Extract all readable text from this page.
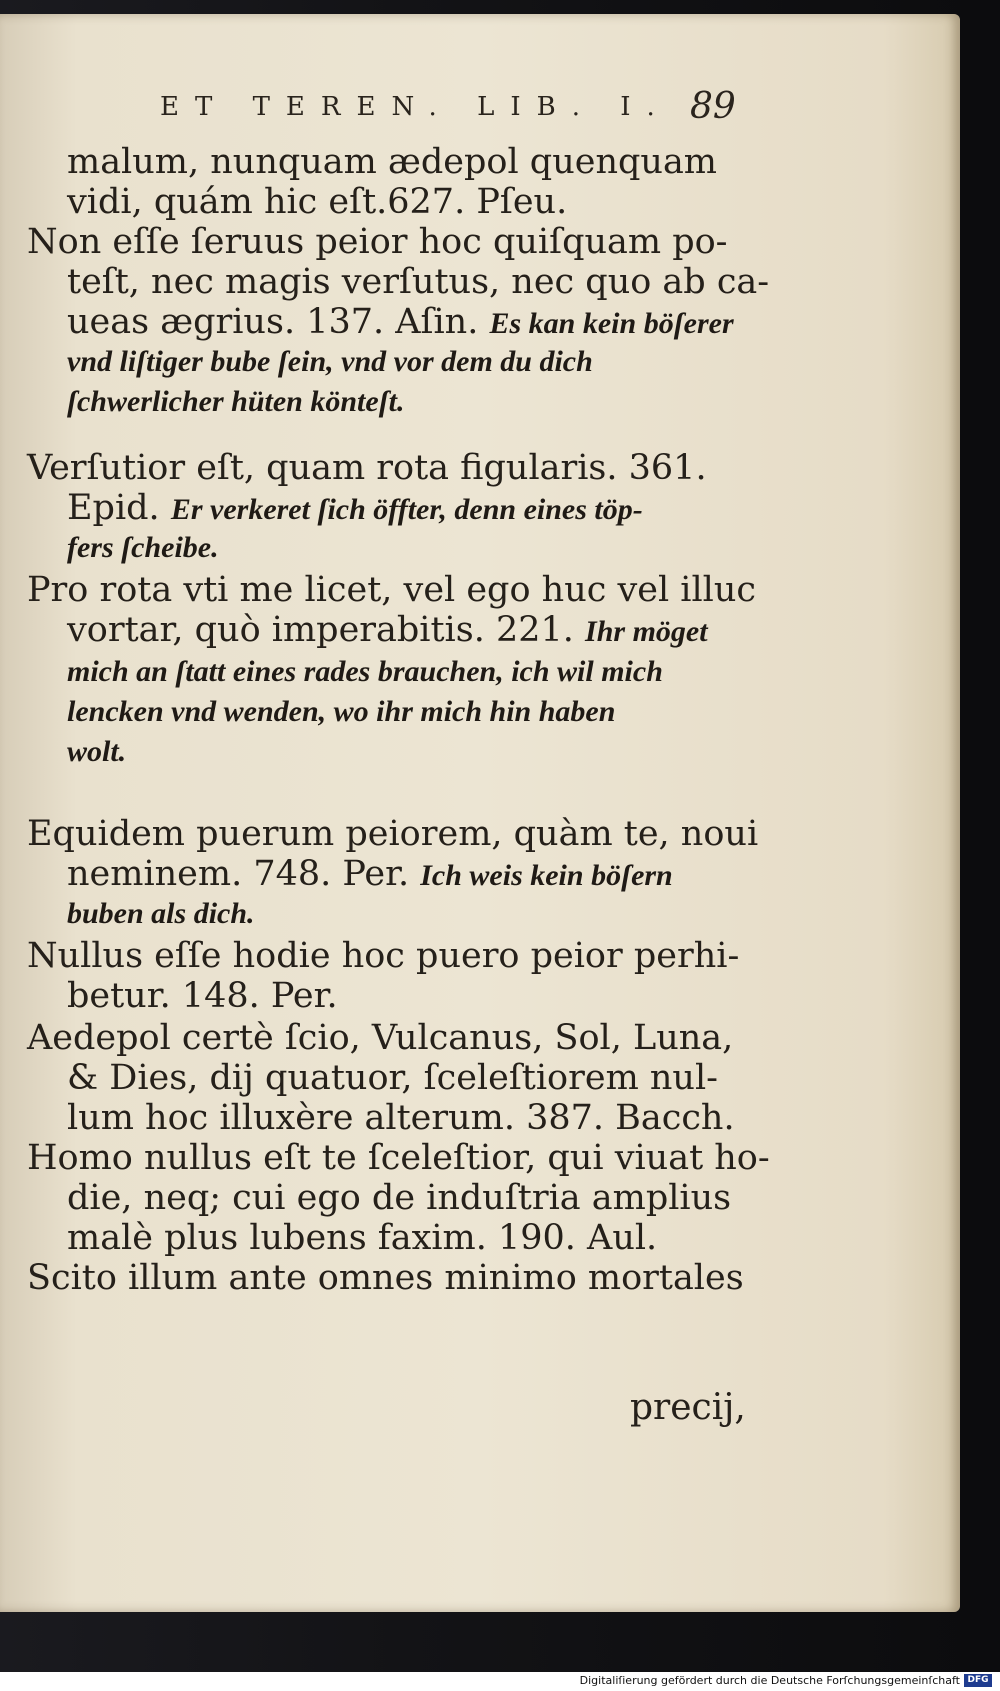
ET TEREN. LIB. I. 89
malum, nunquam ædepol quenquam
vidi, quám hic eſt.627. Pſeu.
Non eſſe ſeruus peior hoc quiſquam po-
teſt, nec magis verſutus, nec quo ab ca-
ueas ægrius. 137. Aſin. Es kan kein böſerer
vnd liſtiger bube ſein, vnd vor dem du dich
ſchwerlicher hüten könteſt.
Verſutior eſt, quam rota figularis. 361.
Epid. Er verkeret ſich öffter, denn eines töp-
fers ſcheibe.
Pro rota vti me licet, vel ego huc vel illuc
vortar, quò imperabitis. 221. Ihr möget
mich an ſtatt eines rades brauchen, ich wil mich
lencken vnd wenden, wo ihr mich hin haben
wolt.
Equidem puerum peiorem, quàm te, noui
neminem. 748. Per. Ich weis kein böſern
buben als dich.
Nullus eſſe hodie hoc puero peior perhi-
betur. 148. Per.
Aedepol certè ſcio, Vulcanus, Sol, Luna,
& Dies, dij quatuor, ſceleſtiorem nul-
lum hoc illuxère alterum. 387. Bacch.
Homo nullus eſt te ſceleſtior, qui viuat ho-
die, neq; cui ego de induſtria amplius
malè plus lubens faxim. 190. Aul.
Scito illum ante omnes minimo mortales
precij,
Digitaliſierung gefördert durch die Deutsche Forſchungsgemeinſchaft DFG
